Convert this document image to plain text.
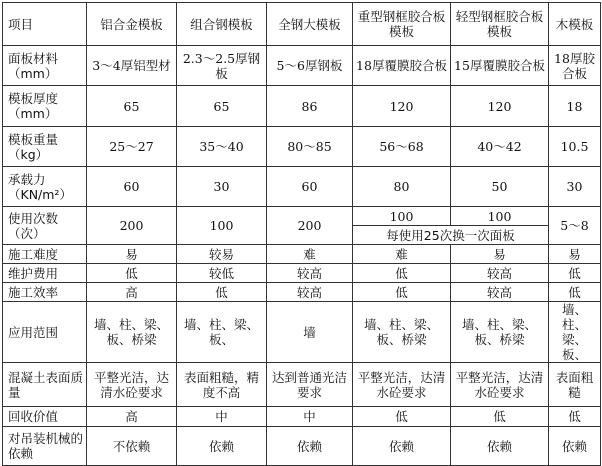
项目	铝合金模板	组合钢模板	全钢大模板	重型钢框胶合板模板	轻型钢框胶合板模板	木模板
面板材料（mm）	3～4厚铝型材	2.3～2.5厚钢板	5～6厚钢板	18厚覆膜胶合板	15厚覆膜胶合板	18厚胶合板
模板厚度（mm）	65	65	86	120	120	18
模板重量（kg）	25～27	35～40	80～85	56～68	40～42	10.5
承载力（KN/m²）	60	30	60	80	50	30
使用次数（次）	200	100	200	100	100	5～8
				每使用25次换一次面板		
施工难度	易	较易	难	难	易	易
维护费用	低	较低	较高	低	较高	低
施工效率	高	低	较高	低	较高	低
应用范围	墙、柱、梁、板、桥梁	墙、柱、梁、板、	墙	墙、柱、梁、板、桥梁	墙、柱、梁、板、桥梁	墙、柱、梁、板、
混凝土表面质量	平整光洁，达清水砼要求	表面粗糙，精度不高	达到普通光洁要求	平整光洁，达清水砼要求	平整光洁，达清水砼要求	表面粗糙
回收价值	高	中	中	低	低	低
对吊装机械的依赖	不依赖	依赖	依赖	依赖	依赖	依赖
